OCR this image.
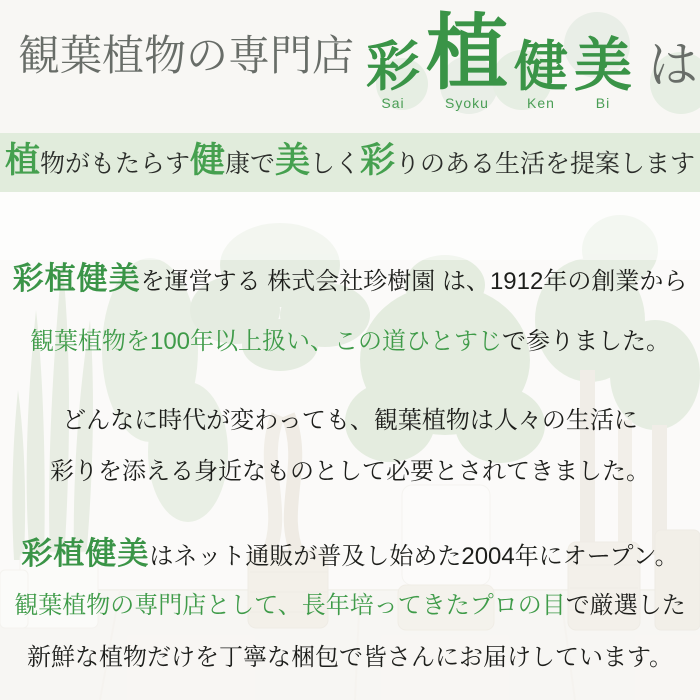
観葉植物の専門店 彩
Sai
植
Syoku
健
Ken
美
Bi
は
植 物がもたらす 健 康で 美 しく 彩 りのある生活を提案します

彩植健美を運営する 株式会社珍樹園 は、1912年の創業から

観葉植物を100年以上扱い、この道ひとすじで参りました。

どんなに時代が変わっても、観葉植物は人々の生活に

彩りを添える身近なものとして必要とされてきました。

彩植健美はネット通販が普及し始めた2004年にオープン。

観葉植物の専門店として、長年培ってきたプロの目で厳選した

新鮮な植物だけを丁寧な梱包で皆さんにお届けしています。
